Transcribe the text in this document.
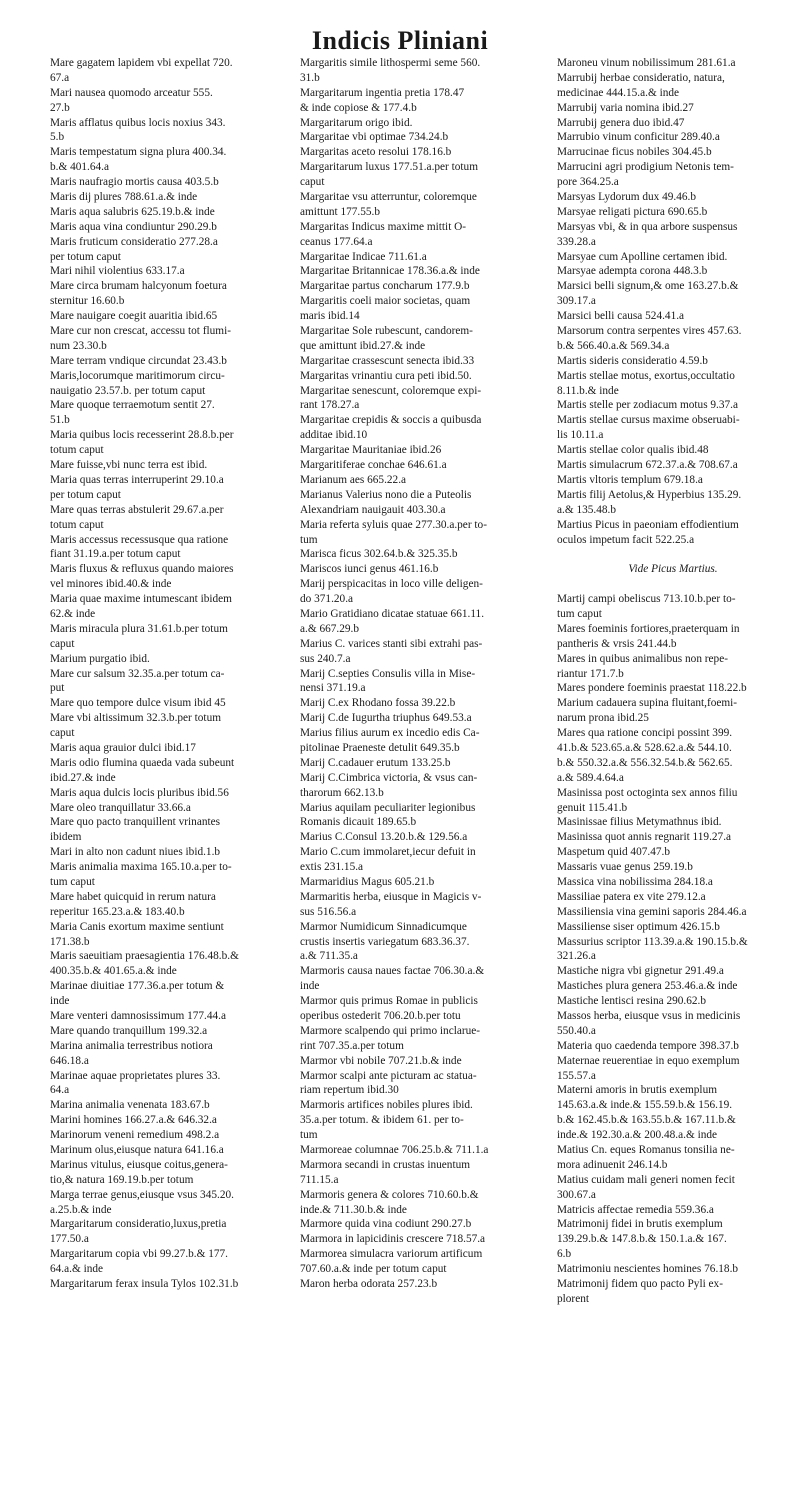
Indicis Pliniani
Mare gagatem lapidem vbi expellat 720.
67.a
Mari nausea quomodo arceatur 555.
27.b
Maris afflatus quibus locis noxius 343.
5.b
Maris tempestatum signa plura 400.34.
b.& 401.64.a
Maris naufragio mortis causa 403.5.b
Maris dij plures 788.61.a.& inde
Maris aqua salubris 625.19.b.& inde
Maris aqua vina condiuntur 290.29.b
Maris fruticum consideratio 277.28.a
per totum caput
Mari nihil violentius 633.17.a
Mare circa brumam halcyonum foetura
sternitur 16.60.b
Mare nauigare coegit auaritia ibid.65
Mare cur non crescat, accessu tot flumi-
num 23.30.b
Mare terram vndique circundat 23.43.b
Maris,locorumque maritimorum circu-
nauigatio 23.57.b. per totum caput
Mare quoque terraemotum sentit 27.
51.b
Maria quibus locis recesserint 28.8.b.per
totum caput
Mare fuisse,vbi nunc terra est ibid.
Maria quas terras interruperint 29.10.a
per totum caput
Mare quas terras abstulerit 29.67.a.per
totum caput
Maris accessus recessusque qua ratione
fiant 31.19.a.per totum caput
Maris fluxus & refluxus quando maiores
vel minores ibid.40.& inde
Maria quae maxime intumescant ibidem
62.& inde
Maris miracula plura 31.61.b.per totum
caput
Marium purgatio ibid.
Mare cur salsum 32.35.a.per totum ca-
put
Mare quo tempore dulce visum ibid 45
Mare vbi altissimum 32.3.b.per totum
caput
Maris aqua grauior dulci ibid.17
Maris odio flumina quaeda vada subeunt
ibid.27.& inde
Maris aqua dulcis locis pluribus ibid.56
Mare oleo tranquillatur 33.66.a
Mare quo pacto tranquillent vrinantes
ibidem
Mari in alto non cadunt niues ibid.1.b
Maris animalia maxima 165.10.a.per to-
tum caput
Mare habet quicquid in rerum natura
reperitur 165.23.a.& 183.40.b
Maria Canis exortum maxime sentiunt
171.38.b
Maris saeuitiam praesagientia 176.48.b.&
400.35.b.& 401.65.a.& inde
Marinae diuitiae 177.36.a.per totum &
inde
Mare venteri damnosissimum 177.44.a
Mare quando tranquillum 199.32.a
Marina animalia terrestribus notiora
646.18.a
Marinae aquae proprietates plures 33.
64.a
Marina animalia venenata 183.67.b
Marini homines 166.27.a.& 646.32.a
Marinorum veneni remedium 498.2.a
Marinum olus,eiusque natura 641.16.a
Marinus vitulus, eiusque coitus,genera-
tio,& natura 169.19.b.per totum
Marga terrae genus,eiusque vsus 345.20.
a.25.b.& inde
Margaritarum consideratio,luxus,pretia
177.50.a
Margaritarum copia vbi 99.27.b.& 177.
64.a.& inde
Margaritarum ferax insula Tylos 102.31.b
Margaritis simile lithospermi seme 560.
31.b
Margaritarum ingentia pretia 178.47
& inde copiose & 177.4.b
Margaritarum origo ibid.
Margaritae vbi optimae 734.24.b
Margaritas aceto resolui 178.16.b
Margaritarum luxus 177.51.a.per totum
caput
Margaritae vsu atterruntur, coloremque
amittunt 177.55.b
Margaritas Indicus maxime mittit O-
ceanus 177.64.a
Margaritae Indicae 711.61.a
Margaritae Britannicae 178.36.a.& inde
Margaritae partus concharum 177.9.b
Margaritis coeli maior societas, quam
maris ibid.14
Margaritae Sole rubescunt, candorem-
que amittunt ibid.27.& inde
Margaritae crassescunt senecta ibid.33
Margaritas vrinantiu cura peti ibid.50.
Margaritae senescunt, coloremque expi-
rant 178.27.a
Margaritae crepidis & soccis a quibusda
additae ibid.10
Margaritae Mauritaniae ibid.26
Margaritiferae conchae 646.61.a
Marianum aes 665.22.a
Marianus Valerius nono die a Puteolis
Alexandriam nauigauit 403.30.a
Maria referta syluis quae 277.30.a.per to-
tum
Marisca ficus 302.64.b.& 325.35.b
Mariscos iunci genus 461.16.b
Marij perspicacitas in loco ville deligen-
do 371.20.a
Mario Gratidiano dicatae statuae 661.11.
a.& 667.29.b
Marius C. varices stanti sibi extrahi pas-
sus 240.7.a
Marij C.septies Consulis villa in Mise-
nensi 371.19.a
Marij C.ex Rhodano fossa 39.22.b
Marij C.de Iugurtha triuphus 649.53.a
Marius filius aurum ex incedio edis Ca-
pitolinae Praeneste detulit 649.35.b
Marij C.cadauer erutum 133.25.b
Marij C.Cimbrica victoria, & vsus can-
tharorum 662.13.b
Marius aquilam peculiariter legionibus
Romanis dicauit 189.65.b
Marius C.Consul 13.20.b.& 129.56.a
Mario C.cum immolaret,iecur defuit in
extis 231.15.a
Marmaridius Magus 605.21.b
Marmaritis herba, eiusque in Magicis v-
sus 516.56.a
Marmor Numidicum Sinnadicumque
crustis insertis variegatum 683.36.37.
a.& 711.35.a
Marmoris causa naues factae 706.30.a.&
inde
Marmor quis primus Romae in publicis
operibus ostederit 706.20.b.per totu
Marmore scalpendo qui primo inclarue-
rint 707.35.a.per totum
Marmor vbi nobile 707.21.b.& inde
Marmor scalpi ante picturam ac statua-
riam repertum ibid.30
Marmoris artifices nobiles plures ibid.
35.a.per totum. & ibidem 61. per to-
tum
Marmoreae columnae 706.25.b.& 711.1.a
Marmora secandi in crustas inuentum
711.15.a
Marmoris genera & colores 710.60.b.&
inde.& 711.30.b.& inde
Marmore quida vina codiunt 290.27.b
Marmora in lapicidinis crescere 718.57.a
Marmorea simulacra variorum artificum
707.60.a.& inde per totum caput
Maron herba odorata 257.23.b
Maroneu vinum nobilissimum 281.61.a
Marrubij herbae consideratio, natura,
medicinae 444.15.a.& inde
Marrubij varia nomina ibid.27
Marrubij genera duo ibid.47
Marrubio vinum conficitur 289.40.a
Marrucinae ficus nobiles 304.45.b
Marrucini agri prodigium Netonis tem-
pore 364.25.a
Marsyas Lydorum dux 49.46.b
Marsyae religati pictura 690.65.b
Marsyas vbi, & in qua arbore suspensus
339.28.a
Marsyae cum Apolline certamen ibid.
Marsyae adempta corona 448.3.b
Marsici belli signum,& ome 163.27.b.&
309.17.a
Marsici belli causa 524.41.a
Marsorum contra serpentes vires 457.63.
b.& 566.40.a.& 569.34.a
Martis sideris consideratio 4.59.b
Martis stellae motus, exortus,occultatio
8.11.b.& inde
Martis stelle per zodiacum motus 9.37.a
Martis stellae cursus maxime obseruabi-
lis 10.11.a
Martis stellae color qualis ibid.48
Martis simulacrum 672.37.a.& 708.67.a
Martis vltoris templum 679.18.a
Martis filij Aetolus,& Hyperbius 135.29.
a.& 135.48.b
Martius Picus in paeoniam effodientium
oculos impetum facit 522.25.a
Vide Picus Martius.
Martij campi obeliscus 713.10.b.per to-
tum caput
Mares foeminis fortiores,praeterquam in
pantheris & vrsis 241.44.b
Mares in quibus animalibus non repe-
riantur 171.7.b
Mares pondere foeminis praestat 118.22.b
Marium cadauera supina fluitant,foemi-
narum prona ibid.25
Mares qua ratione concipi possint 399.
41.b.& 523.65.a.& 528.62.a.& 544.10.
b.& 550.32.a.& 556.32.54.b.& 562.65.
a.& 589.4.64.a
Masinissa post octoginta sex annos filiu
genuit 115.41.b
Masinissae filius Metymathnus ibid.
Masinissa quot annis regnarit 119.27.a
Maspetum quid 407.47.b
Massaris vuae genus 259.19.b
Massica vina nobilissima 284.18.a
Massiliae patera ex vite 279.12.a
Massiliensia vina gemini saporis 284.46.a
Massiliense siser optimum 426.15.b
Massurius scriptor 113.39.a.& 190.15.b.&
321.26.a
Mastiche nigra vbi gignetur 291.49.a
Mastiches plura genera 253.46.a.& inde
Mastiche lentisci resina 290.62.b
Massos herba, eiusque vsus in medicinis
550.40.a
Materia quo caedenda tempore 398.37.b
Maternae reuerentiae in equo exemplum
155.57.a
Materni amoris in brutis exemplum
145.63.a.& inde.& 155.59.b.& 156.19.
b.& 162.45.b.& 163.55.b.& 167.11.b.&
inde.& 192.30.a.& 200.48.a.& inde
Matius Cn. eques Romanus tonsilia ne-
mora adinuenit 246.14.b
Matius cuidam mali generi nomen fecit
300.67.a
Matricis affectae remedia 559.36.a
Matrimonij fidei in brutis exemplum
139.29.b.& 147.8.b.& 150.1.a.& 167.
6.b
Matrimoniu nescientes homines 76.18.b
Matrimonij fidem quo pacto Pyli ex-
plorent
